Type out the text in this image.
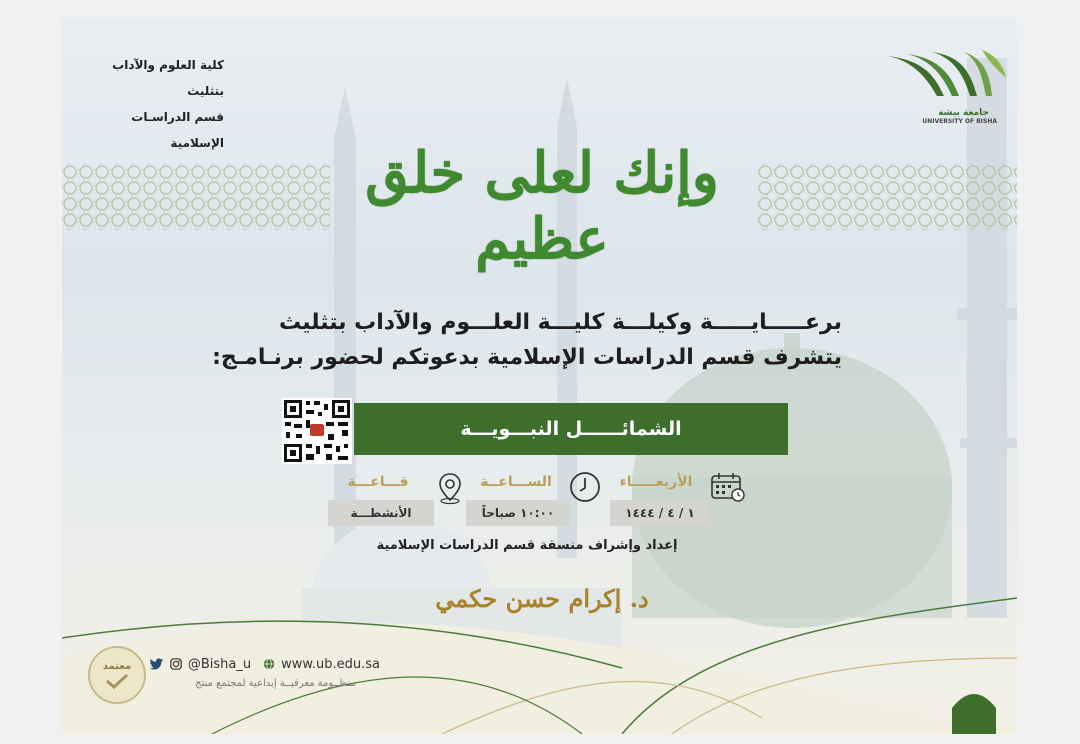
كلية العلوم والآداب بتثليث
قسم الدراسـات الإسلامية
جامعة بيشة
UNIVERSITY OF BISHA
وإنك لعلى خلق عظيم
برعـــــايـــــة وكيلـــة كليـــة العلـــوم والآداب بتثليث
يتشرف قسم الدراسات الإسلامية بدعوتكم لحضور برنـامـج:
الشمائــــــل النبـــويـــة
الأربعـــــاء
١ / ٤ / ١٤٤٤
الســـاعــة
١٠:٠٠ صباحاً
قـــاعـــة
الأنشطـــة
إعداد وإشراف منسقة قسم الدراسات الإسلامية
د. إكرام حسن حكمي
معتمد	@Bisha_u www.ub.edu.sa
منظــومة معرفيــة إبداعية لمجتمع منتج
